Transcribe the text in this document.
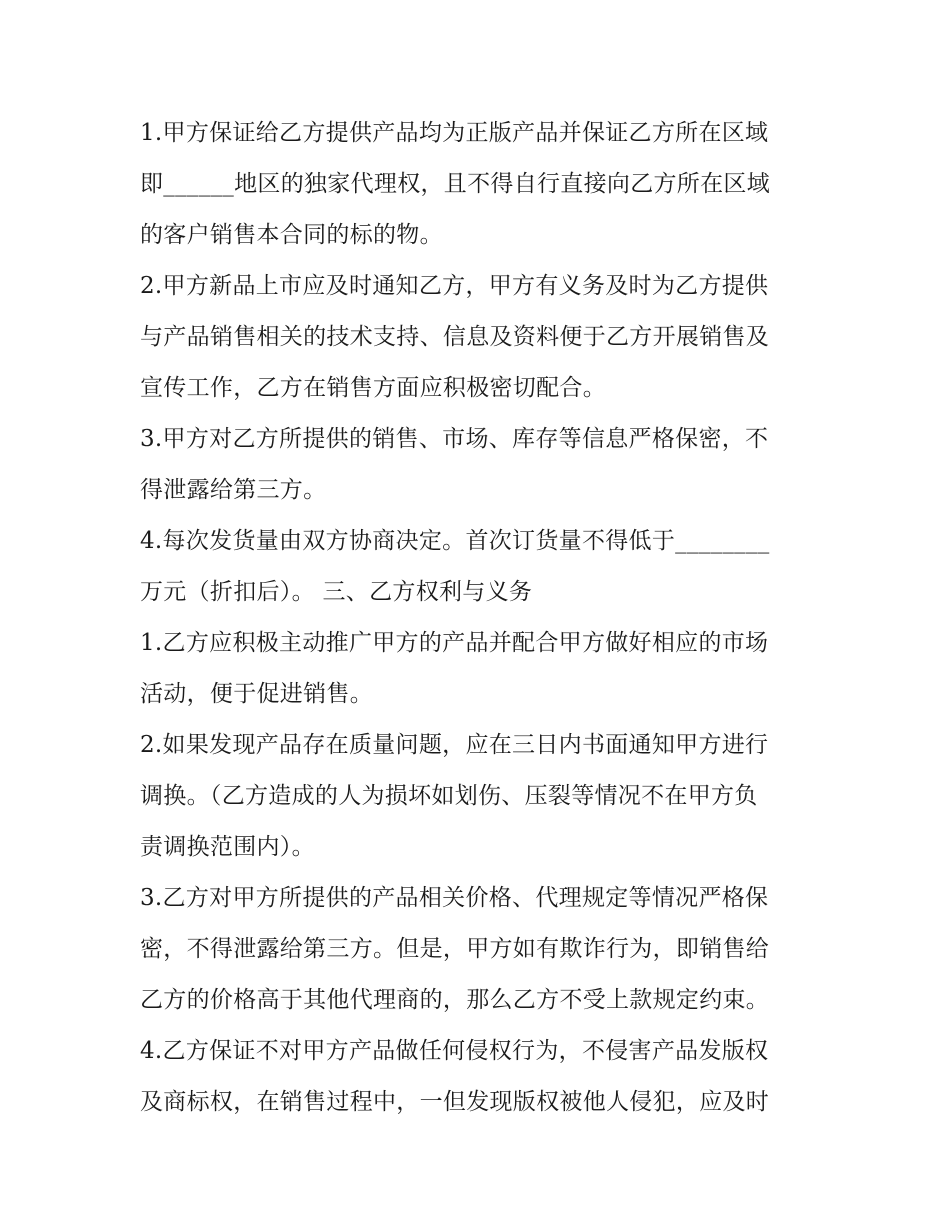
1.甲方保证给乙方提供产品均为正版产品并保证乙方所在区域
即______地区的独家代理权，且不得自行直接向乙方所在区域
的客户销售本合同的标的物。
2.甲方新品上市应及时通知乙方，甲方有义务及时为乙方提供
与产品销售相关的技术支持、信息及资料便于乙方开展销售及
宣传工作，乙方在销售方面应积极密切配合。
3.甲方对乙方所提供的销售、市场、库存等信息严格保密，不
得泄露给第三方。
4.每次发货量由双方协商决定。首次订货量不得低于________
万元（折扣后）。 三、乙方权利与义务
1.乙方应积极主动推广甲方的产品并配合甲方做好相应的市场
活动，便于促进销售。
2.如果发现产品存在质量问题，应在三日内书面通知甲方进行
调换。（乙方造成的人为损坏如划伤、压裂等情况不在甲方负
责调换范围内）。
3.乙方对甲方所提供的产品相关价格、代理规定等情况严格保
密，不得泄露给第三方。但是，甲方如有欺诈行为，即销售给
乙方的价格高于其他代理商的，那么乙方不受上款规定约束。
4.乙方保证不对甲方产品做任何侵权行为，不侵害产品发版权
及商标权，在销售过程中，一但发现版权被他人侵犯，应及时
